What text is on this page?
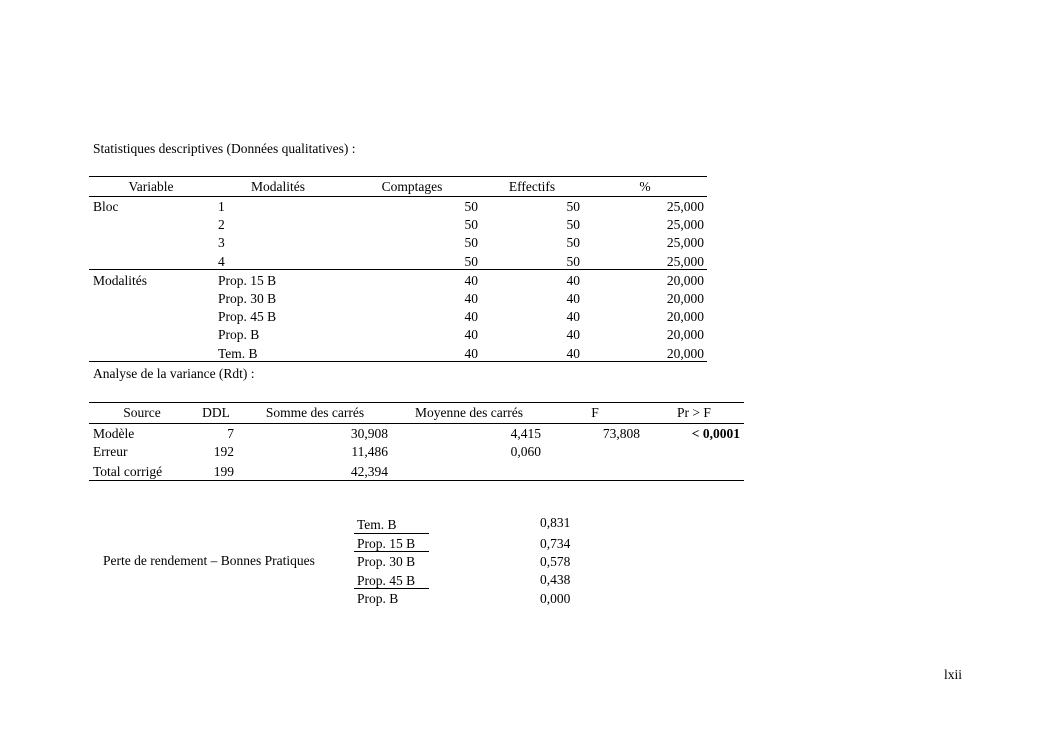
Statistiques descriptives (Données qualitatives) :
Variable	Modalités	Comptages	Effectifs	%
Bloc	1	50	50	25,000
2	50	50	25,000
3	50	50	25,000
4	50	50	25,000
Modalités	Prop. 15 B	40	40	20,000
Prop. 30 B	40	40	20,000
Prop. 45 B	40	40	20,000
Prop. B	40	40	20,000
Tem. B	40	40	20,000
Analyse de la variance (Rdt) :
Source	DDL	Somme des carrés	Moyenne des carrés	F	Pr > F
Modèle	7	30,908	4,415	73,808	< 0,0001
Erreur	192	11,486	0,060
Total corrigé	199	42,394
Perte de rendement – Bonnes Pratiques
Tem. B	0,831
Prop. 15 B	0,734
Prop. 30 B	0,578
Prop. 45 B	0,438
Prop. B	0,000
lxii
